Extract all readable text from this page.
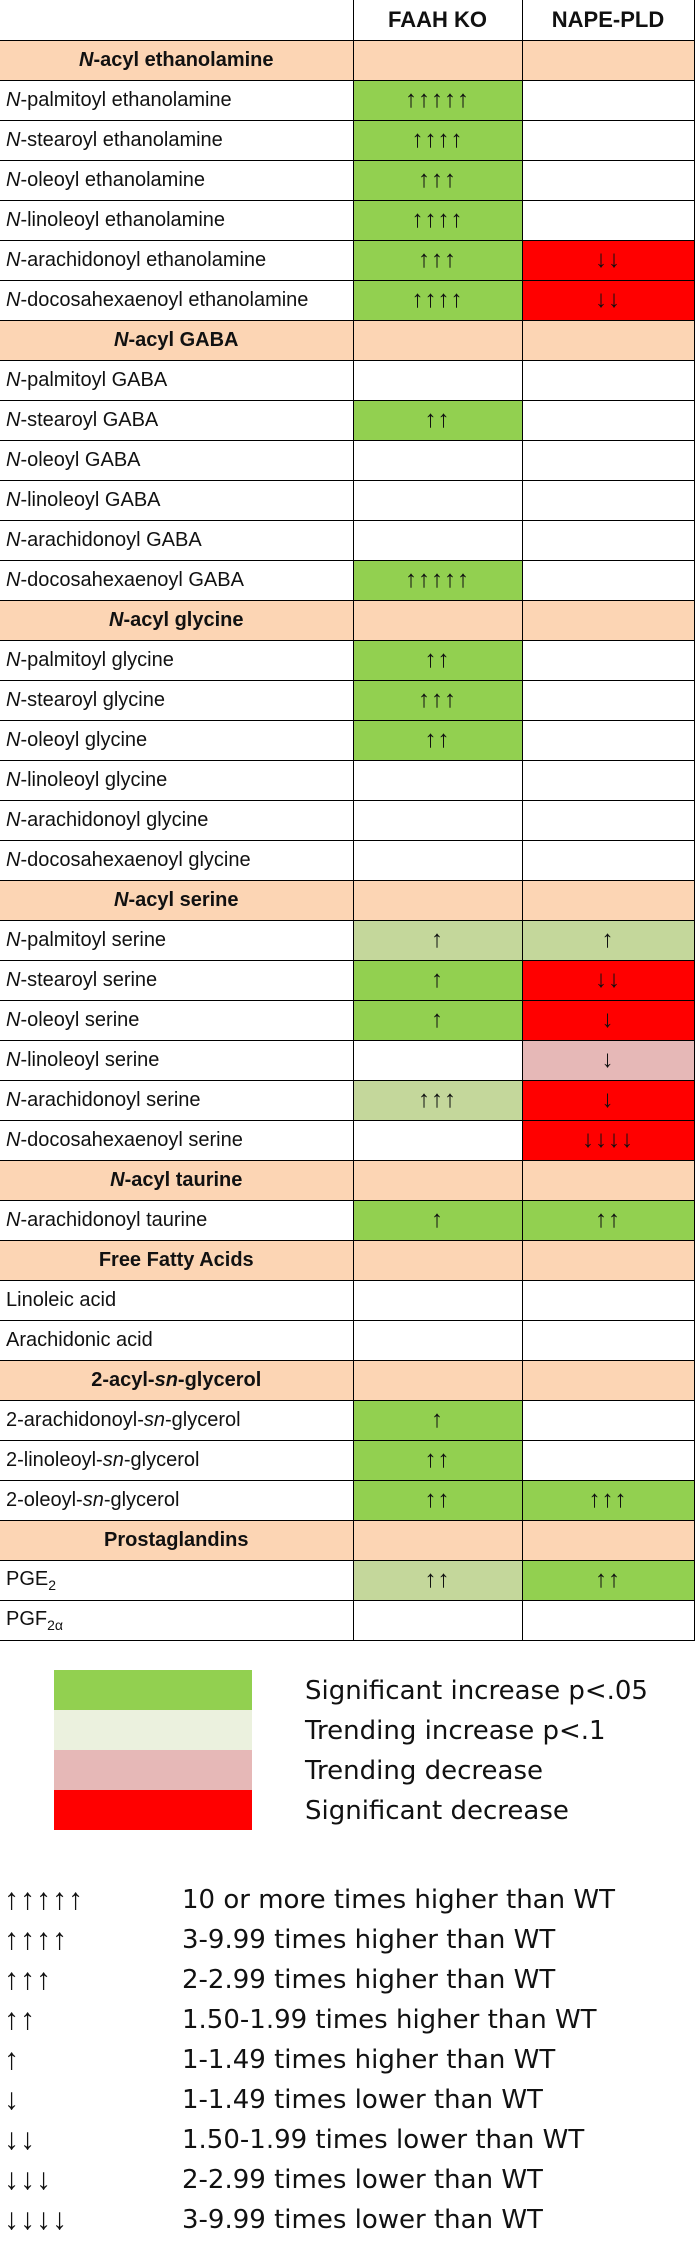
	FAAH KO	NAPE-PLD
N-acyl ethanolamine		
N-palmitoyl ethanolamine	↑↑↑↑↑	
N-stearoyl ethanolamine	↑↑↑↑	
N-oleoyl ethanolamine	↑↑↑	
N-linoleoyl ethanolamine	↑↑↑↑	
N-arachidonoyl ethanolamine	↑↑↑	↓↓
N-docosahexaenoyl ethanolamine	↑↑↑↑	↓↓
N-acyl GABA		
N-palmitoyl GABA		
N-stearoyl GABA	↑↑	
N-oleoyl GABA		
N-linoleoyl GABA		
N-arachidonoyl GABA		
N-docosahexaenoyl GABA	↑↑↑↑↑	
N-acyl glycine		
N-palmitoyl glycine	↑↑	
N-stearoyl glycine	↑↑↑	
N-oleoyl glycine	↑↑	
N-linoleoyl glycine		
N-arachidonoyl glycine		
N-docosahexaenoyl glycine		
N-acyl serine		
N-palmitoyl serine	↑	↑
N-stearoyl serine	↑	↓↓
N-oleoyl serine	↑	↓
N-linoleoyl serine		↓
N-arachidonoyl serine	↑↑↑	↓
N-docosahexaenoyl serine		↓↓↓↓
N-acyl taurine		
N-arachidonoyl taurine	↑	↑↑
Free Fatty Acids		
Linoleic acid		
Arachidonic acid		
2-acyl-sn-glycerol		
2-arachidonoyl-sn-glycerol	↑	
2-linoleoyl-sn-glycerol	↑↑	
2-oleoyl-sn-glycerol	↑↑	↑↑↑
Prostaglandins		
$PGE_2$	↑↑	↑↑
$PGF_{2\alpha}$		
Significant increase p<.05
Trending increase p<.1
Trending decrease
Significant decrease
↑↑↑↑↑	10 or more times higher than WT
↑↑↑↑	3-9.99 times higher than WT
↑↑↑	2-2.99 times higher than WT
↑↑	1.50-1.99 times higher than WT
↑	1-1.49 times higher than WT
↓	1-1.49 times lower than WT
↓↓	1.50-1.99 times lower than WT
↓↓↓	2-2.99 times lower than WT
↓↓↓↓	3-9.99 times lower than WT
